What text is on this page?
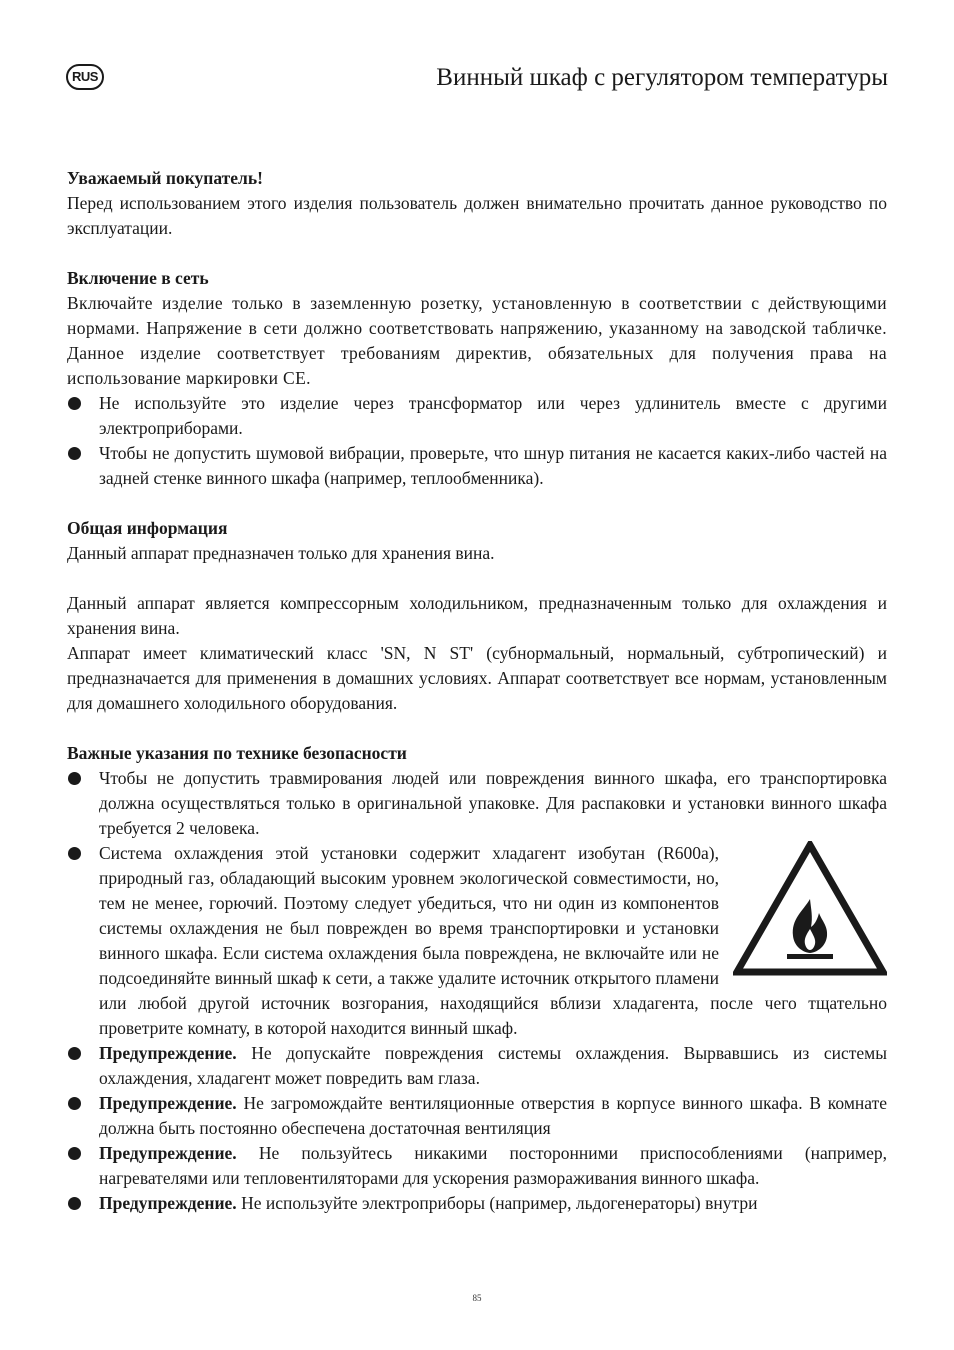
RUS	Винный шкаф с регулятором температуры

Уважаемый покупатель!

Перед использованием этого изделия пользователь должен внимательно прочитать данное руководство по эксплуатации.

Включение в сеть

Включайте изделие только в заземленную розетку, установленную в соответствии с действующими нормами. Напряжение в сети должно соответствовать напряжению, указанному на заводской табличке. Данное изделие соответствует требованиям директив, обязательных для получения права на использование маркировки CE.

Не используйте это изделие через трансформатор или через удлинитель вместе с другими электроприборами.
Чтобы не допустить шумовой вибрации, проверьте, что шнур питания не касается каких-либо частей на задней стенке винного шкафа (например, теплообменника).

Общая информация

Данный аппарат предназначен только для хранения вина.

Данный аппарат является компрессорным холодильником, предназначенным только для охлаждения и хранения вина.

Аппарат имеет климатический класс 'SN, N ST' (субнормальный, нормальный, субтропический) и предназначается для применения в домашних условиях. Аппарат соответствует все нормам, установленным для домашнего холодильного оборудования.

Важные указания по технике безопасности

Чтобы не допустить травмирования людей или повреждения винного шкафа, его транспортировка должна осуществляться только в оригинальной упаковке. Для распаковки и установки винного шкафа требуется 2 человека.
Система охлаждения этой установки содержит хладагент изобутан (R600a), природный газ, обладающий высоким уровнем экологической совместимости, но, тем не менее, горючий. Поэтому следует убедиться, что ни один из компонентов системы охлаждения не был поврежден во время транспортировки и установки винного шкафа. Если система охлаждения была повреждена, не включайте или не подсоединяйте винный шкаф к сети, а также удалите источник открытого пламени или любой другой источник возгорания, находящийся вблизи хладагента, после чего тщательно проветрите комнату, в которой находится винный шкаф.
Предупреждение. Не допускайте повреждения системы охлаждения. Вырвавшись из системы охлаждения, хладагент может повредить вам глаза.
Предупреждение. Не загромождайте вентиляционные отверстия в корпусе винного шкафа. В комнате должна быть постоянно обеспечена достаточная вентиляция
Предупреждение. Не пользуйтесь никакими посторонними приспособлениями (например, нагревателями или тепловентиляторами для ускорения размораживания винного шкафа.
Предупреждение. Не используйте электроприборы (например, льдогенераторы) внутри
85
